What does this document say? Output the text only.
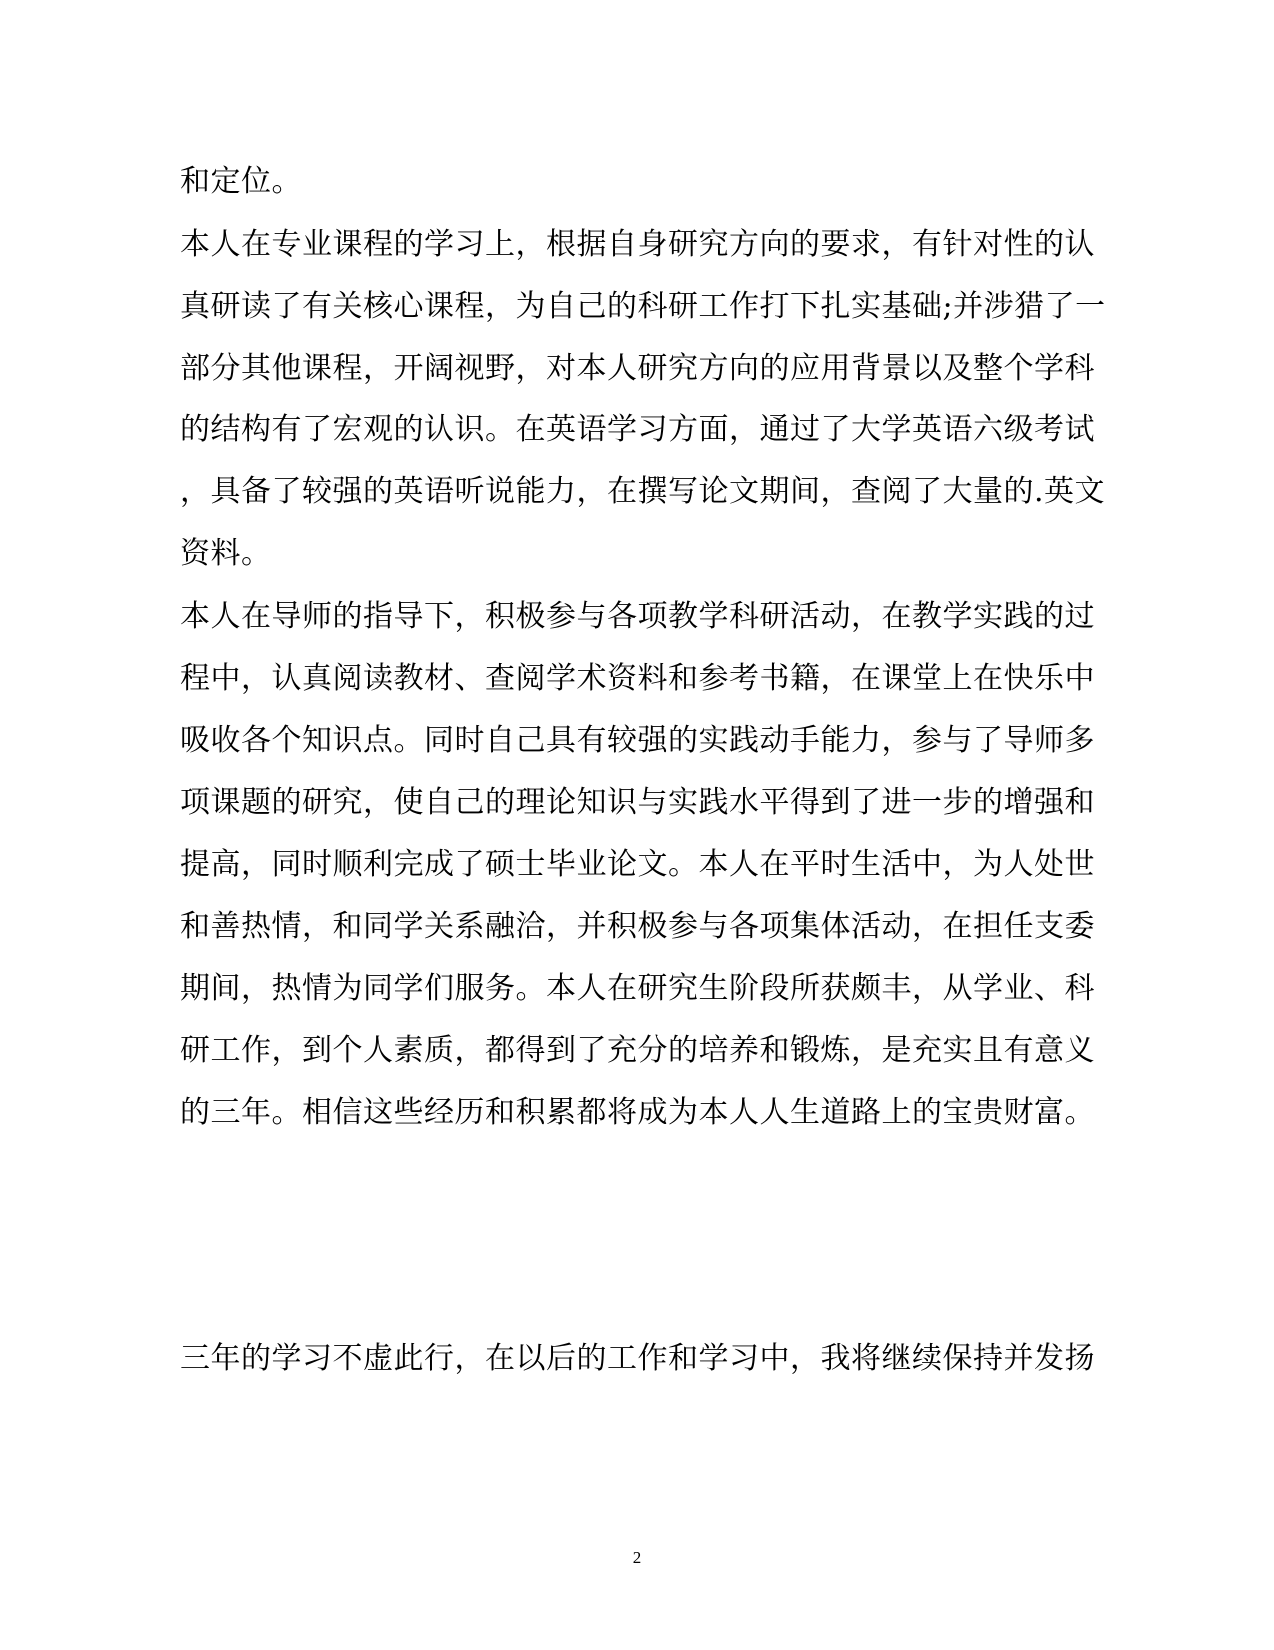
和定位。

本人在专业课程的学习上，根据自身研究方向的要求，有针对性的认

真研读了有关核心课程，为自己的科研工作打下扎实基础;并涉猎了一

部分其他课程，开阔视野，对本人研究方向的应用背景以及整个学科

的结构有了宏观的认识。在英语学习方面，通过了大学英语六级考试

，具备了较强的英语听说能力，在撰写论文期间，查阅了大量的.英文

资料。

本人在导师的指导下，积极参与各项教学科研活动，在教学实践的过

程中，认真阅读教材、查阅学术资料和参考书籍，在课堂上在快乐中

吸收各个知识点。同时自己具有较强的实践动手能力，参与了导师多

项课题的研究，使自己的理论知识与实践水平得到了进一步的增强和

提高，同时顺利完成了硕士毕业论文。本人在平时生活中，为人处世

和善热情，和同学关系融洽，并积极参与各项集体活动，在担任支委

期间，热情为同学们服务。本人在研究生阶段所获颇丰，从学业、科

研工作，到个人素质，都得到了充分的培养和锻炼，是充实且有意义

的三年。相信这些经历和积累都将成为本人人生道路上的宝贵财富。

三年的学习不虚此行，在以后的工作和学习中，我将继续保持并发扬

2
